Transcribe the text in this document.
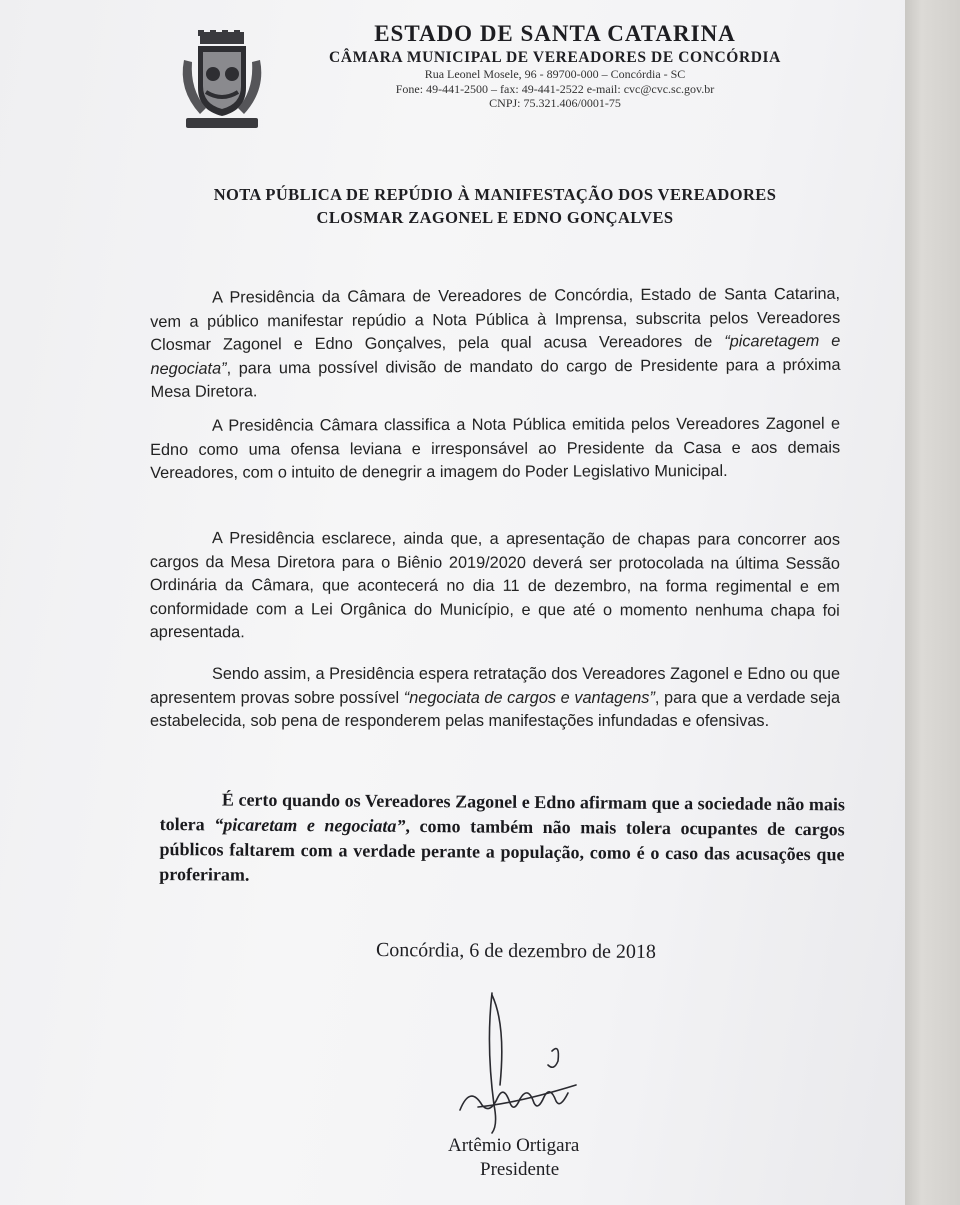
ESTADO DE SANTA CATARINA
CÂMARA MUNICIPAL DE VEREADORES DE CONCÓRDIA
Rua Leonel Mosele, 96 - 89700-000 – Concórdia - SC
Fone: 49-441-2500 – fax: 49-441-2522 e-mail: cvc@cvc.sc.gov.br
CNPJ: 75.321.406/0001-75
NOTA PÚBLICA DE REPÚDIO À MANIFESTAÇÃO DOS VEREADORES
CLOSMAR ZAGONEL E EDNO GONÇALVES
A Presidência da Câmara de Vereadores de Concórdia, Estado de Santa Catarina, vem a público manifestar repúdio a Nota Pública à Imprensa, subscrita pelos Vereadores Closmar Zagonel e Edno Gonçalves, pela qual acusa Vereadores de “picaretagem e negociata”, para uma possível divisão de mandato do cargo de Presidente para a próxima Mesa Diretora.
A Presidência Câmara classifica a Nota Pública emitida pelos Vereadores Zagonel e Edno como uma ofensa leviana e irresponsável ao Presidente da Casa e aos demais Vereadores, com o intuito de denegrir a imagem do Poder Legislativo Municipal.
A Presidência esclarece, ainda que, a apresentação de chapas para concorrer aos cargos da Mesa Diretora para o Biênio 2019/2020 deverá ser protocolada na última Sessão Ordinária da Câmara, que acontecerá no dia 11 de dezembro, na forma regimental e em conformidade com a Lei Orgânica do Município, e que até o momento nenhuma chapa foi apresentada.
Sendo assim, a Presidência espera retratação dos Vereadores Zagonel e Edno ou que apresentem provas sobre possível “negociata de cargos e vantagens”, para que a verdade seja estabelecida, sob pena de responderem pelas manifestações infundadas e ofensivas.
É certo quando os Vereadores Zagonel e Edno afirmam que a sociedade não mais tolera “picaretam e negociata”, como também não mais tolera ocupantes de cargos públicos faltarem com a verdade perante a população, como é o caso das acusações que proferiram.
Concórdia, 6 de dezembro de 2018
Artêmio Ortigara
Presidente
